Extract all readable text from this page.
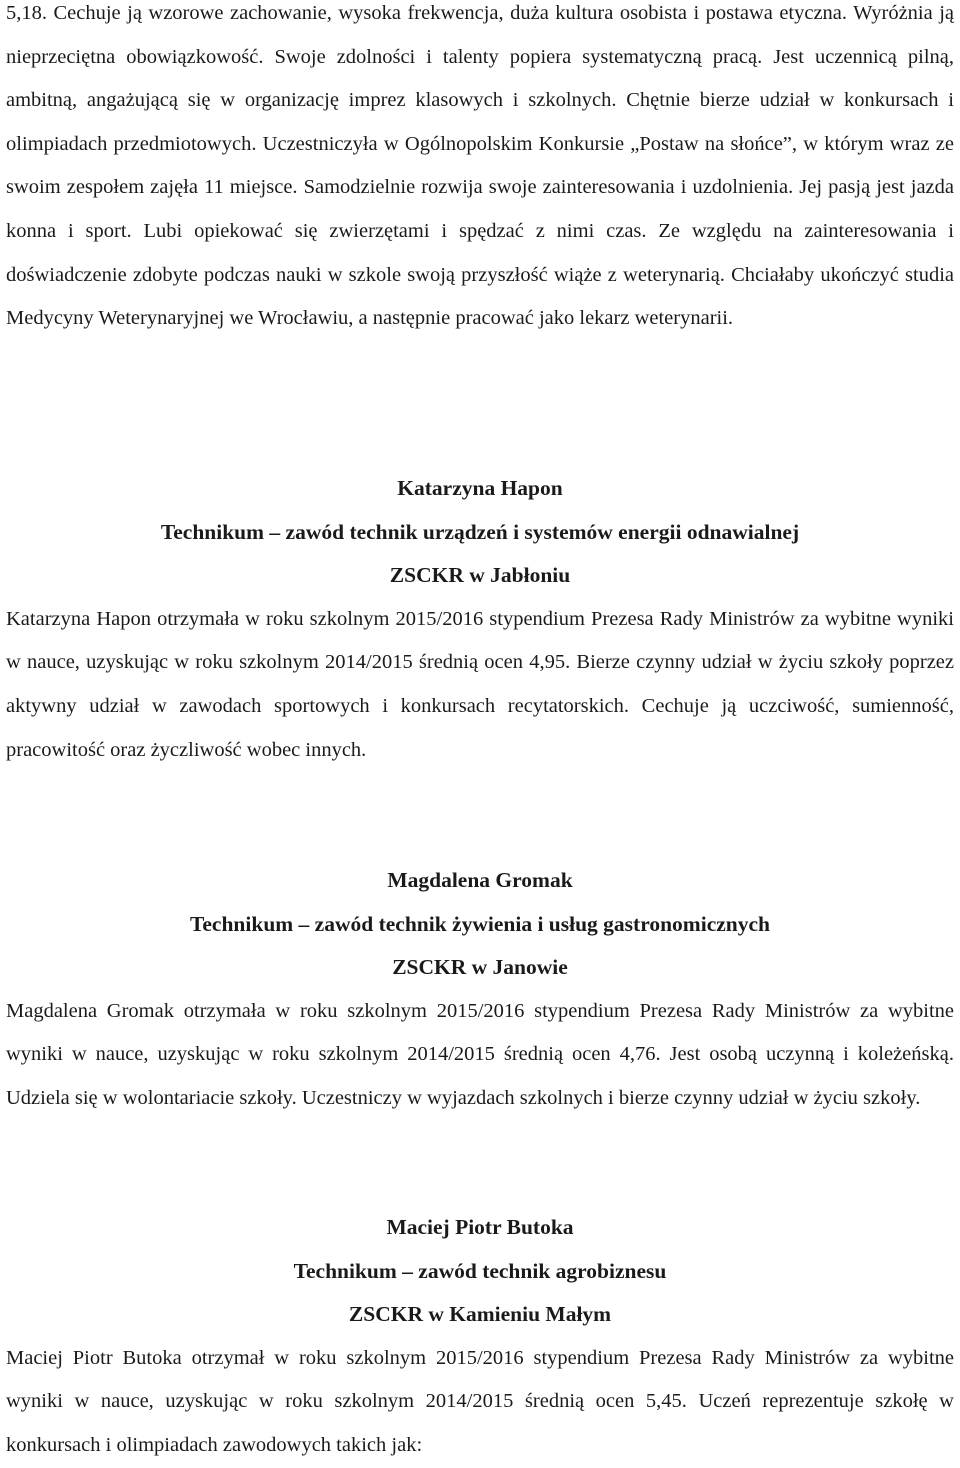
5,18. Cechuje ją wzorowe zachowanie, wysoka frekwencja, duża kultura osobista i postawa etyczna. Wyróżnia ją nieprzeciętna obowiązkowość. Swoje zdolności i talenty popiera systematyczną pracą. Jest uczennicą pilną, ambitną, angażującą się w organizację imprez klasowych i szkolnych. Chętnie bierze udział w konkursach i olimpiadach przedmiotowych. Uczestniczyła w Ogólnopolskim Konkursie „Postaw na słońce”, w którym wraz ze swoim zespołem zajęła 11 miejsce. Samodzielnie rozwija swoje zainteresowania i uzdolnienia. Jej pasją jest jazda konna i sport. Lubi opiekować się zwierzętami i spędzać z nimi czas. Ze względu na zainteresowania i doświadczenie zdobyte podczas nauki w szkole swoją przyszłość wiąże z weterynarią. Chciałaby ukończyć studia Medycyny Weterynaryjnej we Wrocławiu, a następnie pracować jako lekarz weterynarii.

Katarzyna Hapon

Technikum – zawód technik urządzeń i systemów energii odnawialnej

ZSCKR w Jabłoniu

Katarzyna Hapon otrzymała w roku szkolnym 2015/2016 stypendium Prezesa Rady Ministrów za wybitne wyniki w nauce, uzyskując w roku szkolnym 2014/2015 średnią ocen 4,95. Bierze czynny udział w życiu szkoły poprzez aktywny udział w zawodach sportowych i konkursach recytatorskich. Cechuje ją uczciwość, sumienność, pracowitość oraz życzliwość wobec innych.

Magdalena Gromak

Technikum – zawód technik żywienia i usług gastronomicznych

ZSCKR w Janowie

Magdalena Gromak otrzymała w roku szkolnym 2015/2016 stypendium Prezesa Rady Ministrów za wybitne wyniki w nauce, uzyskując w roku szkolnym 2014/2015 średnią ocen 4,76. Jest osobą uczynną i koleżeńską. Udziela się w wolontariacie szkoły. Uczestniczy w wyjazdach szkolnych i bierze czynny udział w życiu szkoły.

Maciej Piotr Butoka

Technikum – zawód technik agrobiznesu

ZSCKR w Kamieniu Małym

Maciej Piotr Butoka otrzymał w roku szkolnym 2015/2016 stypendium Prezesa Rady Ministrów za wybitne wyniki w nauce, uzyskując w roku szkolnym 2014/2015 średnią ocen 5,45. Uczeń reprezentuje szkołę w konkursach i olimpiadach zawodowych takich jak:
